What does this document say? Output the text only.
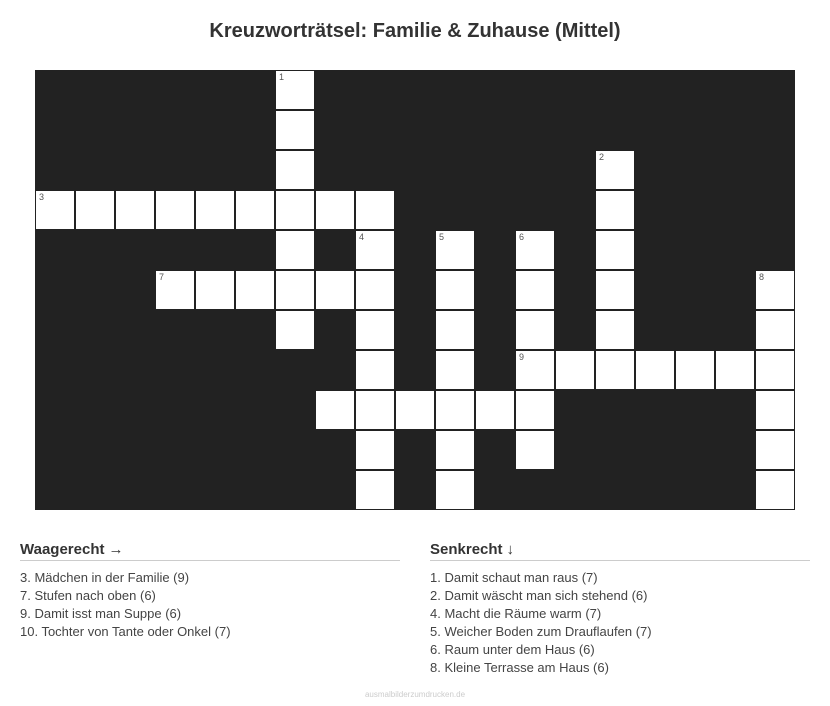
Kreuzworträtsel: Familie & Zuhause (Mittel)
1
3
7
4	5	6
9
2
8
Waagerecht →
3. Mädchen in der Familie (9)
7. Stufen nach oben (6)
9. Damit isst man Suppe (6)
10. Tochter von Tante oder Onkel (7)
Senkrecht ↓
1. Damit schaut man raus (7)
2. Damit wäscht man sich stehend (6)
4. Macht die Räume warm (7)
5. Weicher Boden zum Drauflaufen (7)
6. Raum unter dem Haus (6)
8. Kleine Terrasse am Haus (6)
ausmalbilderzumdrucken.de
